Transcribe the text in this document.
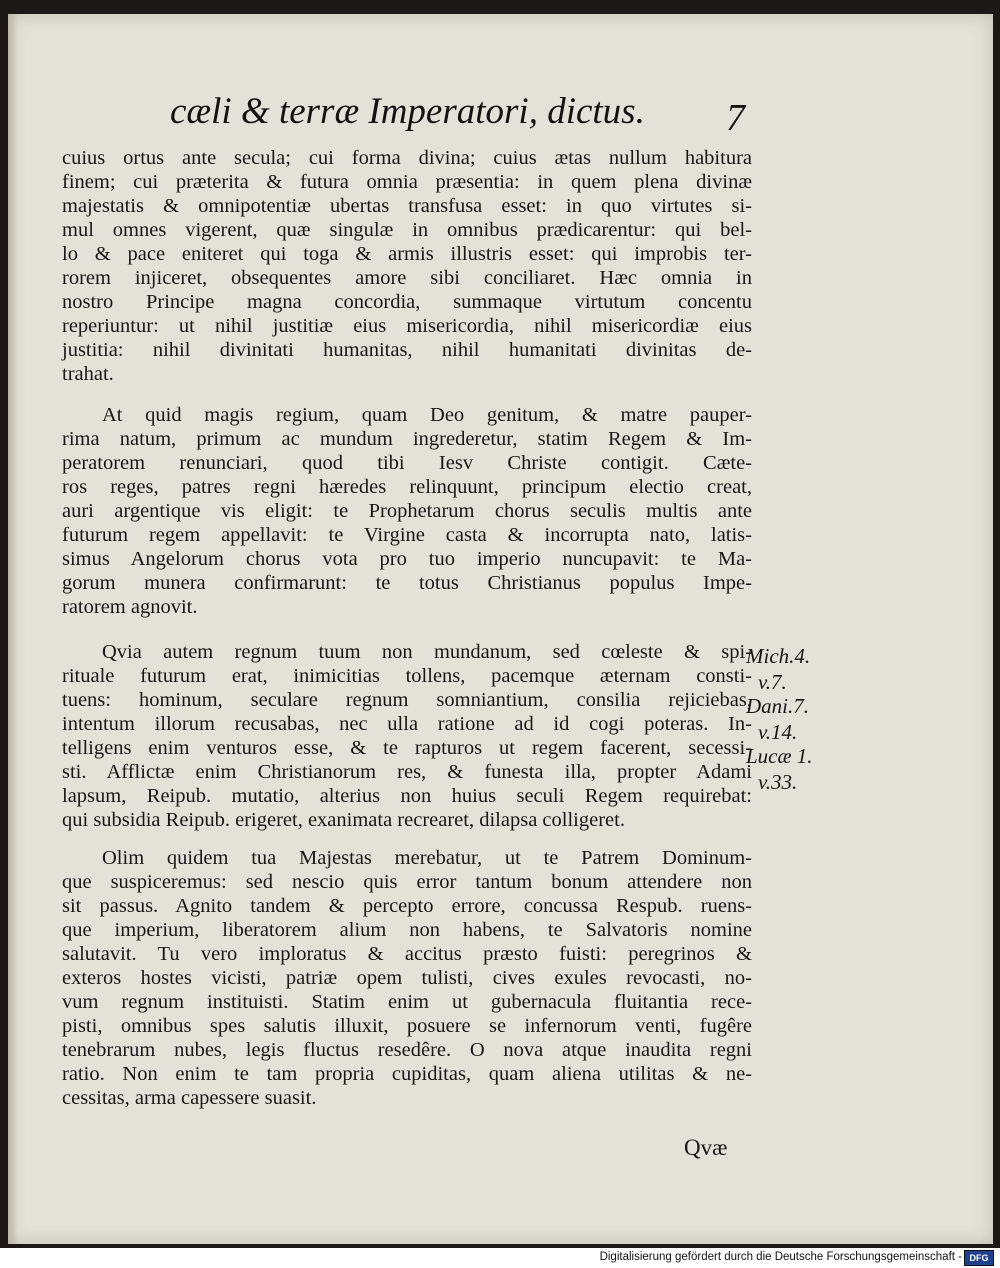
cæli & terræ Imperatori, dictus.	7
cuius ortus ante secula; cui forma divina; cuius ætas nullum habitura
finem; cui præterita & futura omnia præsentia: in quem plena divinæ
majestatis & omnipotentiæ ubertas transfusa esset: in quo virtutes si-
mul omnes vigerent, quæ singulæ in omnibus prædicarentur: qui bel-
lo & pace eniteret qui toga & armis illustris esset: qui improbis ter-
rorem injiceret, obsequentes amore sibi conciliaret. Hæc omnia in
nostro Principe magna concordia, summaque virtutum concentu
reperiuntur: ut nihil justitiæ eius misericordia, nihil misericordiæ eius
justitia: nihil divinitati humanitas, nihil humanitati divinitas de-
trahat.
At quid magis regium, quam Deo genitum, & matre pauper-
rima natum, primum ac mundum ingrederetur, statim Regem & Im-
peratorem renunciari, quod tibi Iesv Christe contigit. Cæte-
ros reges, patres regni hæredes relinquunt, principum electio creat,
auri argentique vis eligit: te Prophetarum chorus seculis multis ante
futurum regem appellavit: te Virgine casta & incorrupta nato, latis-
simus Angelorum chorus vota pro tuo imperio nuncupavit: te Ma-
gorum munera confirmarunt: te totus Christianus populus Impe-
ratorem agnovit.
Qvia autem regnum tuum non mundanum, sed cœleste & spi-
rituale futurum erat, inimicitias tollens, pacemque æternam consti-
tuens: hominum, seculare regnum somniantium, consilia rejiciebas,
intentum illorum recusabas, nec ulla ratione ad id cogi poteras. In-
telligens enim venturos esse, & te rapturos ut regem facerent, secessi-
sti. Afflictæ enim Christianorum res, & funesta illa, propter Adami
lapsum, Reipub. mutatio, alterius non huius seculi Regem requirebat:
qui subsidia Reipub. erigeret, exanimata recrearet, dilapsa colligeret.
Olim quidem tua Majestas merebatur, ut te Patrem Dominum-
que suspiceremus: sed nescio quis error tantum bonum attendere non
sit passus. Agnito tandem & percepto errore, concussa Respub. ruens-
que imperium, liberatorem alium non habens, te Salvatoris nomine
salutavit. Tu vero imploratus & accitus præsto fuisti: peregrinos &
exteros hostes vicisti, patriæ opem tulisti, cives exules revocasti, no-
vum regnum instituisti. Statim enim ut gubernacula fluitantia rece-
pisti, omnibus spes salutis illuxit, posuere se infernorum venti, fugêre
tenebrarum nubes, legis fluctus resedêre. O nova atque inaudita regni
ratio. Non enim te tam propria cupiditas, quam aliena utilitas & ne-
cessitas, arma capessere suasit.
Mich.4.
v.7.
Dani.7.
v.14.
Lucæ 1.
v.33.
Qvæ
Digitalisierung gefördert durch die Deutsche Forschungsgemeinschaft - DFG
